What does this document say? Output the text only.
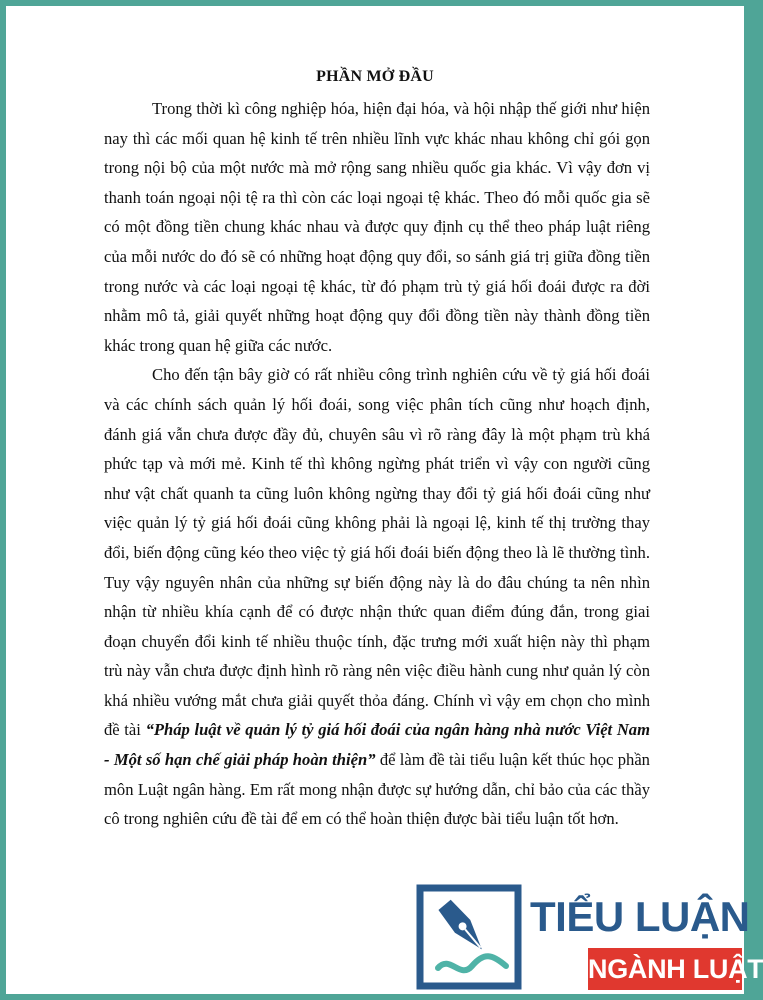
PHẦN MỞ ĐẦU

Trong thời kì công nghiệp hóa, hiện đại hóa, và hội nhập thế giới như hiện nay thì các mối quan hệ kinh tế trên nhiều lĩnh vực khác nhau không chỉ gói gọn trong nội bộ của một nước mà mở rộng sang nhiều quốc gia khác. Vì vậy đơn vị thanh toán ngoại nội tệ ra thì còn các loại ngoại tệ khác. Theo đó mỗi quốc gia sẽ có một đồng tiền chung khác nhau và được quy định cụ thể theo pháp luật riêng của mỗi nước do đó sẽ có những hoạt động quy đổi, so sánh giá trị giữa đồng tiền trong nước và các loại ngoại tệ khác, từ đó phạm trù tỷ giá hối đoái được ra đời nhằm mô tả, giải quyết những hoạt động quy đổi đồng tiền này thành đồng tiền khác trong quan hệ giữa các nước.

Cho đến tận bây giờ có rất nhiều công trình nghiên cứu về tỷ giá hối đoái và các chính sách quản lý hối đoái, song việc phân tích cũng như hoạch định, đánh giá vẫn chưa được đầy đủ, chuyên sâu vì rõ ràng đây là một phạm trù khá phức tạp và mới mẻ. Kinh tế thì không ngừng phát triển vì vậy con người cũng như vật chất quanh ta cũng luôn không ngừng thay đổi tỷ giá hối đoái cũng như việc quản lý tỷ giá hối đoái cũng không phải là ngoại lệ, kinh tế thị trường thay đổi, biến động cũng kéo theo việc tỷ giá hối đoái biến động theo là lẽ thường tình. Tuy vậy nguyên nhân của những sự biến động này là do đâu chúng ta nên nhìn nhận từ nhiều khía cạnh để có được nhận thức quan điểm đúng đắn, trong giai đoạn chuyển đổi kinh tế nhiều thuộc tính, đặc trưng mới xuất hiện này thì phạm trù này vẫn chưa được định hình rõ ràng nên việc điều hành cung như quản lý còn khá nhiều vướng mắt chưa giải quyết thỏa đáng. Chính vì vậy em chọn cho mình đề tài “Pháp luật về quản lý tỷ giá hối đoái của ngân hàng nhà nước Việt Nam - Một số hạn chế giải pháp hoàn thiện” để làm đề tài tiểu luận kết thúc học phần môn Luật ngân hàng. Em rất mong nhận được sự hướng dẫn, chỉ bảo của các thầy cô trong nghiên cứu đề tài để em có thể hoàn thiện được bài tiểu luận tốt hơn.

TIỂU LUẬN
NGÀNH LUẬT
